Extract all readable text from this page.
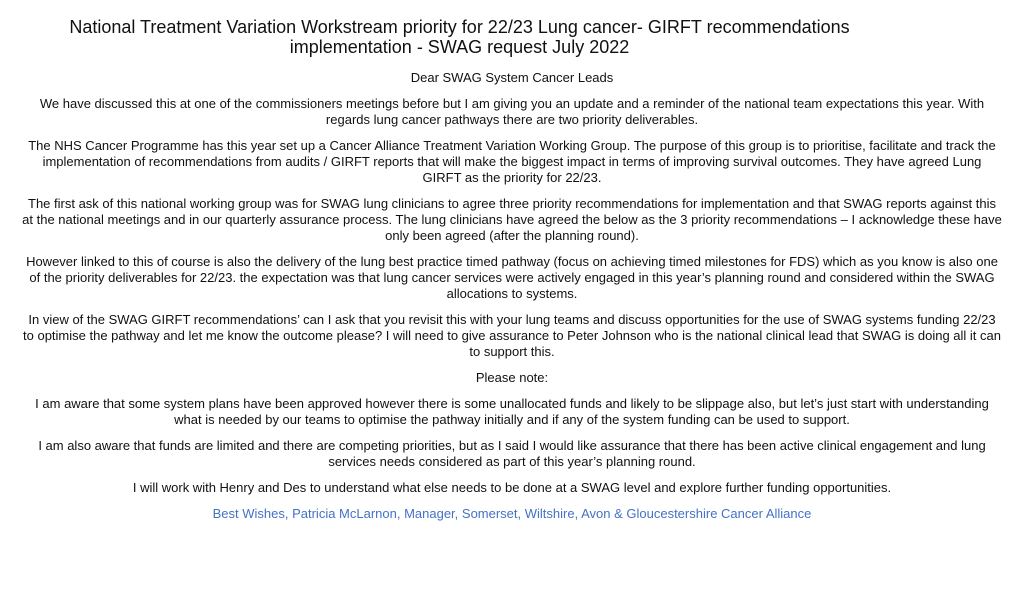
National Treatment Variation Workstream priority for 22/23 Lung cancer- GIRFT recommendations implementation - SWAG request July 2022

Dear SWAG System Cancer Leads

We have discussed this at one of the commissioners meetings before but I am giving you an update and a reminder of the national team expectations this year. With regards lung cancer pathways there are two priority deliverables.

The NHS Cancer Programme has this year set up a Cancer Alliance Treatment Variation Working Group. The purpose of this group is to prioritise, facilitate and track the implementation of recommendations from audits / GIRFT reports that will make the biggest impact in terms of improving survival outcomes. They have agreed Lung GIRFT as the priority for 22/23.

The first ask of this national working group was for SWAG lung clinicians to agree three priority recommendations for implementation and that SWAG reports against this at the national meetings and in our quarterly assurance process. The lung clinicians have agreed the below as the 3 priority recommendations – I acknowledge these have only been agreed (after the planning round).

However linked to this of course is also the delivery of the lung best practice timed pathway (focus on achieving timed milestones for FDS) which as you know is also one of the priority deliverables for 22/23. the expectation was that lung cancer services were actively engaged in this year’s planning round and considered within the SWAG allocations to systems.

In view of the SWAG GIRFT recommendations’ can I ask that you revisit this with your lung teams and discuss opportunities for the use of SWAG systems funding 22/23 to optimise the pathway and let me know the outcome please? I will need to give assurance to Peter Johnson who is the national clinical lead that SWAG is doing all it can to support this.

Please note:

I am aware that some system plans have been approved however there is some unallocated funds and likely to be slippage also, but let’s just start with understanding what is needed by our teams to optimise the pathway initially and if any of the system funding can be used to support.

I am also aware that funds are limited and there are competing priorities, but as I said I would like assurance that there has been active clinical engagement and lung services needs considered as part of this year’s planning round.

I will work with Henry and Des to understand what else needs to be done at a SWAG level and explore further funding opportunities.

Best Wishes, Patricia McLarnon, Manager, Somerset, Wiltshire, Avon & Gloucestershire Cancer Alliance
